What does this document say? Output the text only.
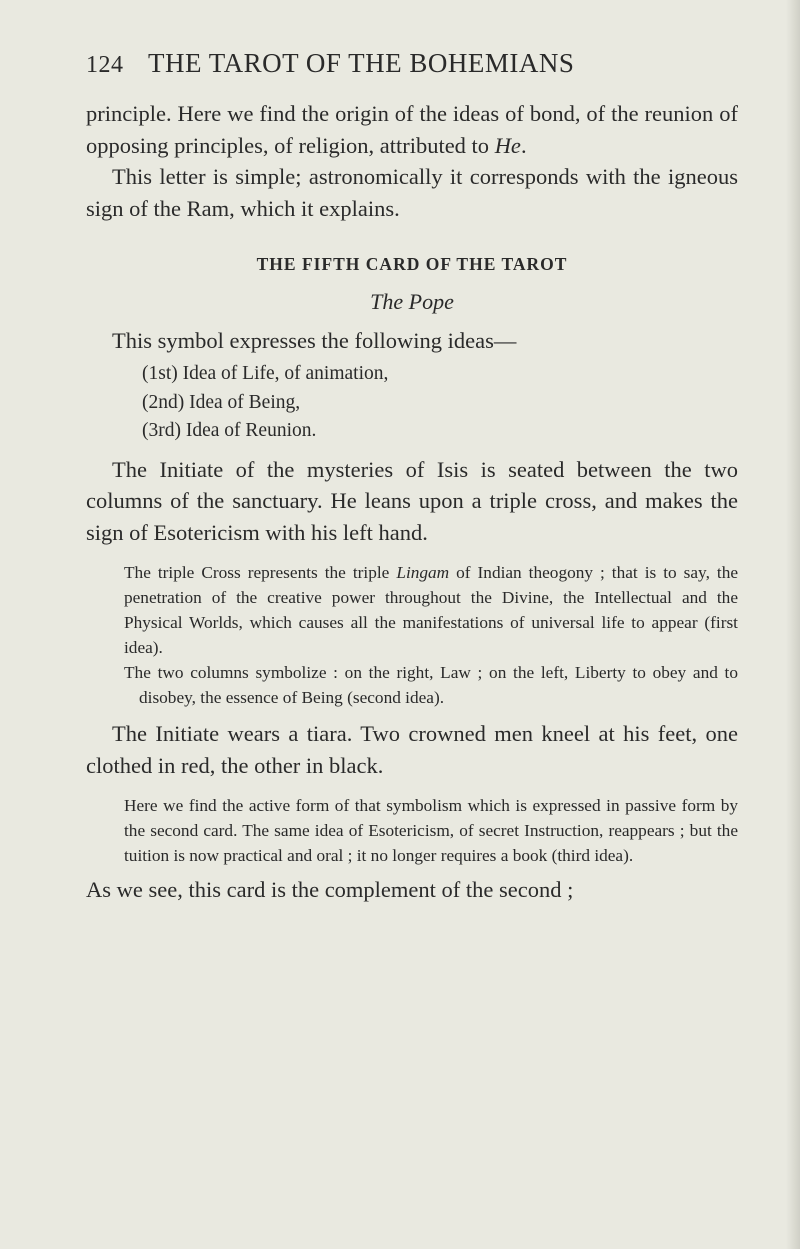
124 THE TAROT OF THE BOHEMIANS

principle. Here we find the origin of the ideas of bond, of the reunion of opposing principles, of religion, attributed to He.

This letter is simple; astronomically it corresponds with the igneous sign of the Ram, which it explains.

THE FIFTH CARD OF THE TAROT
The Pope

This symbol expresses the following ideas—

(1st) Idea of Life, of animation,
(2nd) Idea of Being,
(3rd) Idea of Reunion.

The Initiate of the mysteries of Isis is seated between the two columns of the sanctuary. He leans upon a triple cross, and makes the sign of Esotericism with his left hand.

The triple Cross represents the triple Lingam of Indian theogony ; that is to say, the penetration of the creative power throughout the Divine, the Intellectual and the Physical Worlds, which causes all the manifestations of universal life to appear (first idea).

The two columns symbolize : on the right, Law ; on the left, Liberty to obey and to disobey, the essence of Being (second idea).

The Initiate wears a tiara. Two crowned men kneel at his feet, one clothed in red, the other in black.

Here we find the active form of that symbolism which is expressed in passive form by the second card. The same idea of Esotericism, of secret Instruction, reappears ; but the tuition is now practical and oral ; it no longer requires a book (third idea).

As we see, this card is the complement of the second ;
